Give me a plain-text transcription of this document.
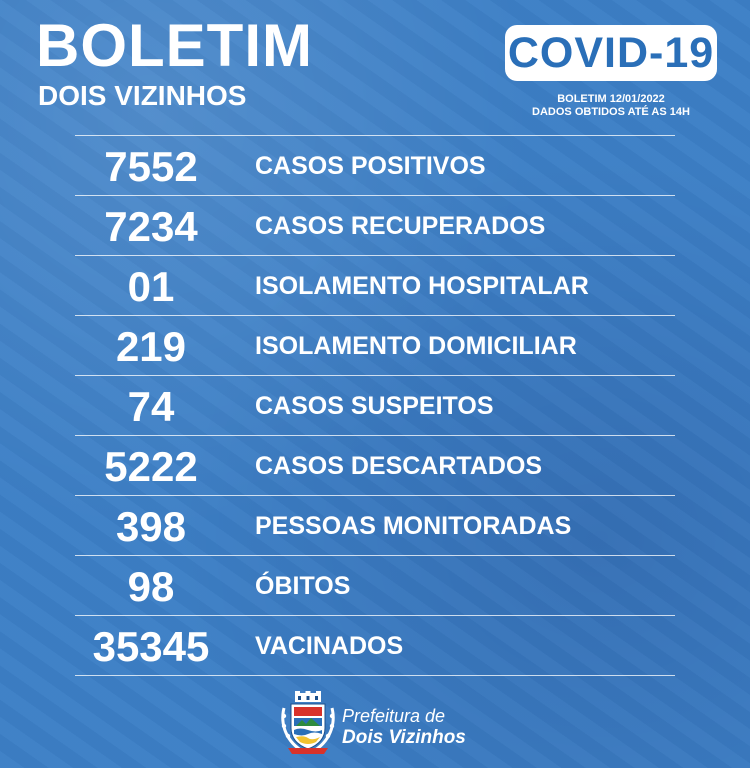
BOLETIM
DOIS VIZINHOS
COVID-19
BOLETIM 12/01/2022
DADOS OBTIDOS ATÉ AS 14H
7552	CASOS POSITIVOS
7234	CASOS RECUPERADOS
01	ISOLAMENTO HOSPITALAR
219	ISOLAMENTO DOMICILIAR
74	CASOS SUSPEITOS
5222	CASOS DESCARTADOS
398	PESSOAS MONITORADAS
98	ÓBITOS
35345	VACINADOS
Prefeitura de
Dois Vizinhos
